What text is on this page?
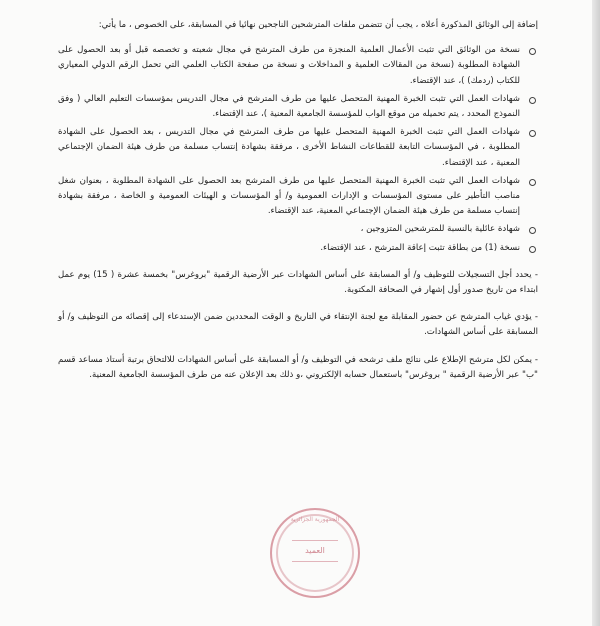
إضافة إلى الوثائق المذكورة أعلاه ، يجب أن تتضمن ملفات المترشحين الناجحين نهائيا في المسابقة، على الخصوص ، ما يأتي:

نسخة من الوثائق التي تثبت الأعمال العلمية المنجزة من طرف المترشح في مجال شعبته و تخصصه قبل أو بعد الحصول على الشهادة المطلوبة (نسخة من المقالات العلمية و المداخلات و نسخة من صفحة الكتاب العلمي التي تحمل الرقم الدولي المعياري للكتاب (ردمك) )، عند الإقتضاء.
شهادات العمل التي تثبت الخبرة المهنية المتحصل عليها من طرف المترشح في مجال التدريس بمؤسسات التعليم العالي ( وفق النموذج المحدد ، يتم تحميله من موقع الواب للمؤسسة الجامعية المعنية )، عند الإقتضاء.
شهادات العمل التي تثبت الخبرة المهنية المتحصل عليها من طرف المترشح في مجال التدريس ، بعد الحصول على الشهادة المطلوبة ، في المؤسسات التابعة للقطاعات النشاط الأخرى ، مرفقة بشهادة إنتساب مسلمة من طرف هيئة الضمان الإجتماعي المعنية ، عند الإقتضاء.
شهادات العمل التي تثبت الخبرة المهنية المتحصل عليها من طرف المترشح بعد الحصول على الشهادة المطلوبة ، بعنوان شغل مناصب التأطير على مستوى المؤسسات و الإدارات العمومية و/ أو المؤسسات و الهيئات العمومية و الخاصة ، مرفقة بشهادة إنتساب مسلمة من طرف هيئة الضمان الإجتماعي المعنية، عند الإقتضاء.
شهادة عائلية بالنسبة للمترشحين المتزوجين ،
نسخة (1) من بطاقة تثبت إعاقة المترشح ، عند الإقتضاء.

- يحدد أجل التسجيلات للتوظيف و/ أو المسابقة على أساس الشهادات عبر الأرضية الرقمية "بروغرس" بخمسة عشرة ( 15) يوم عمل ابتداء من تاريخ صدور أول إشهار في الصحافة المكتوبة.

- يؤدي غياب المترشح عن حضور المقابلة مع لجنة الإنتقاء في التاريخ و الوقت المحددين ضمن الإستدعاء إلى إقصائه من التوظيف و/ أو المسابقة على أساس الشهادات.

- يمكن لكل مترشح الإطلاع على نتائج ملف ترشحه في التوظيف و/ أو المسابقة على أساس الشهادات للالتحاق برتبة أستاذ مساعد قسم "ب" عبر الأرضية الرقمية " بروغرس" باستعمال حسابه الإلكتروني ،و ذلك بعد الإعلان عنه من طرف المؤسسة الجامعية المعنية.

الجمهورية الجزائرية
العميد
